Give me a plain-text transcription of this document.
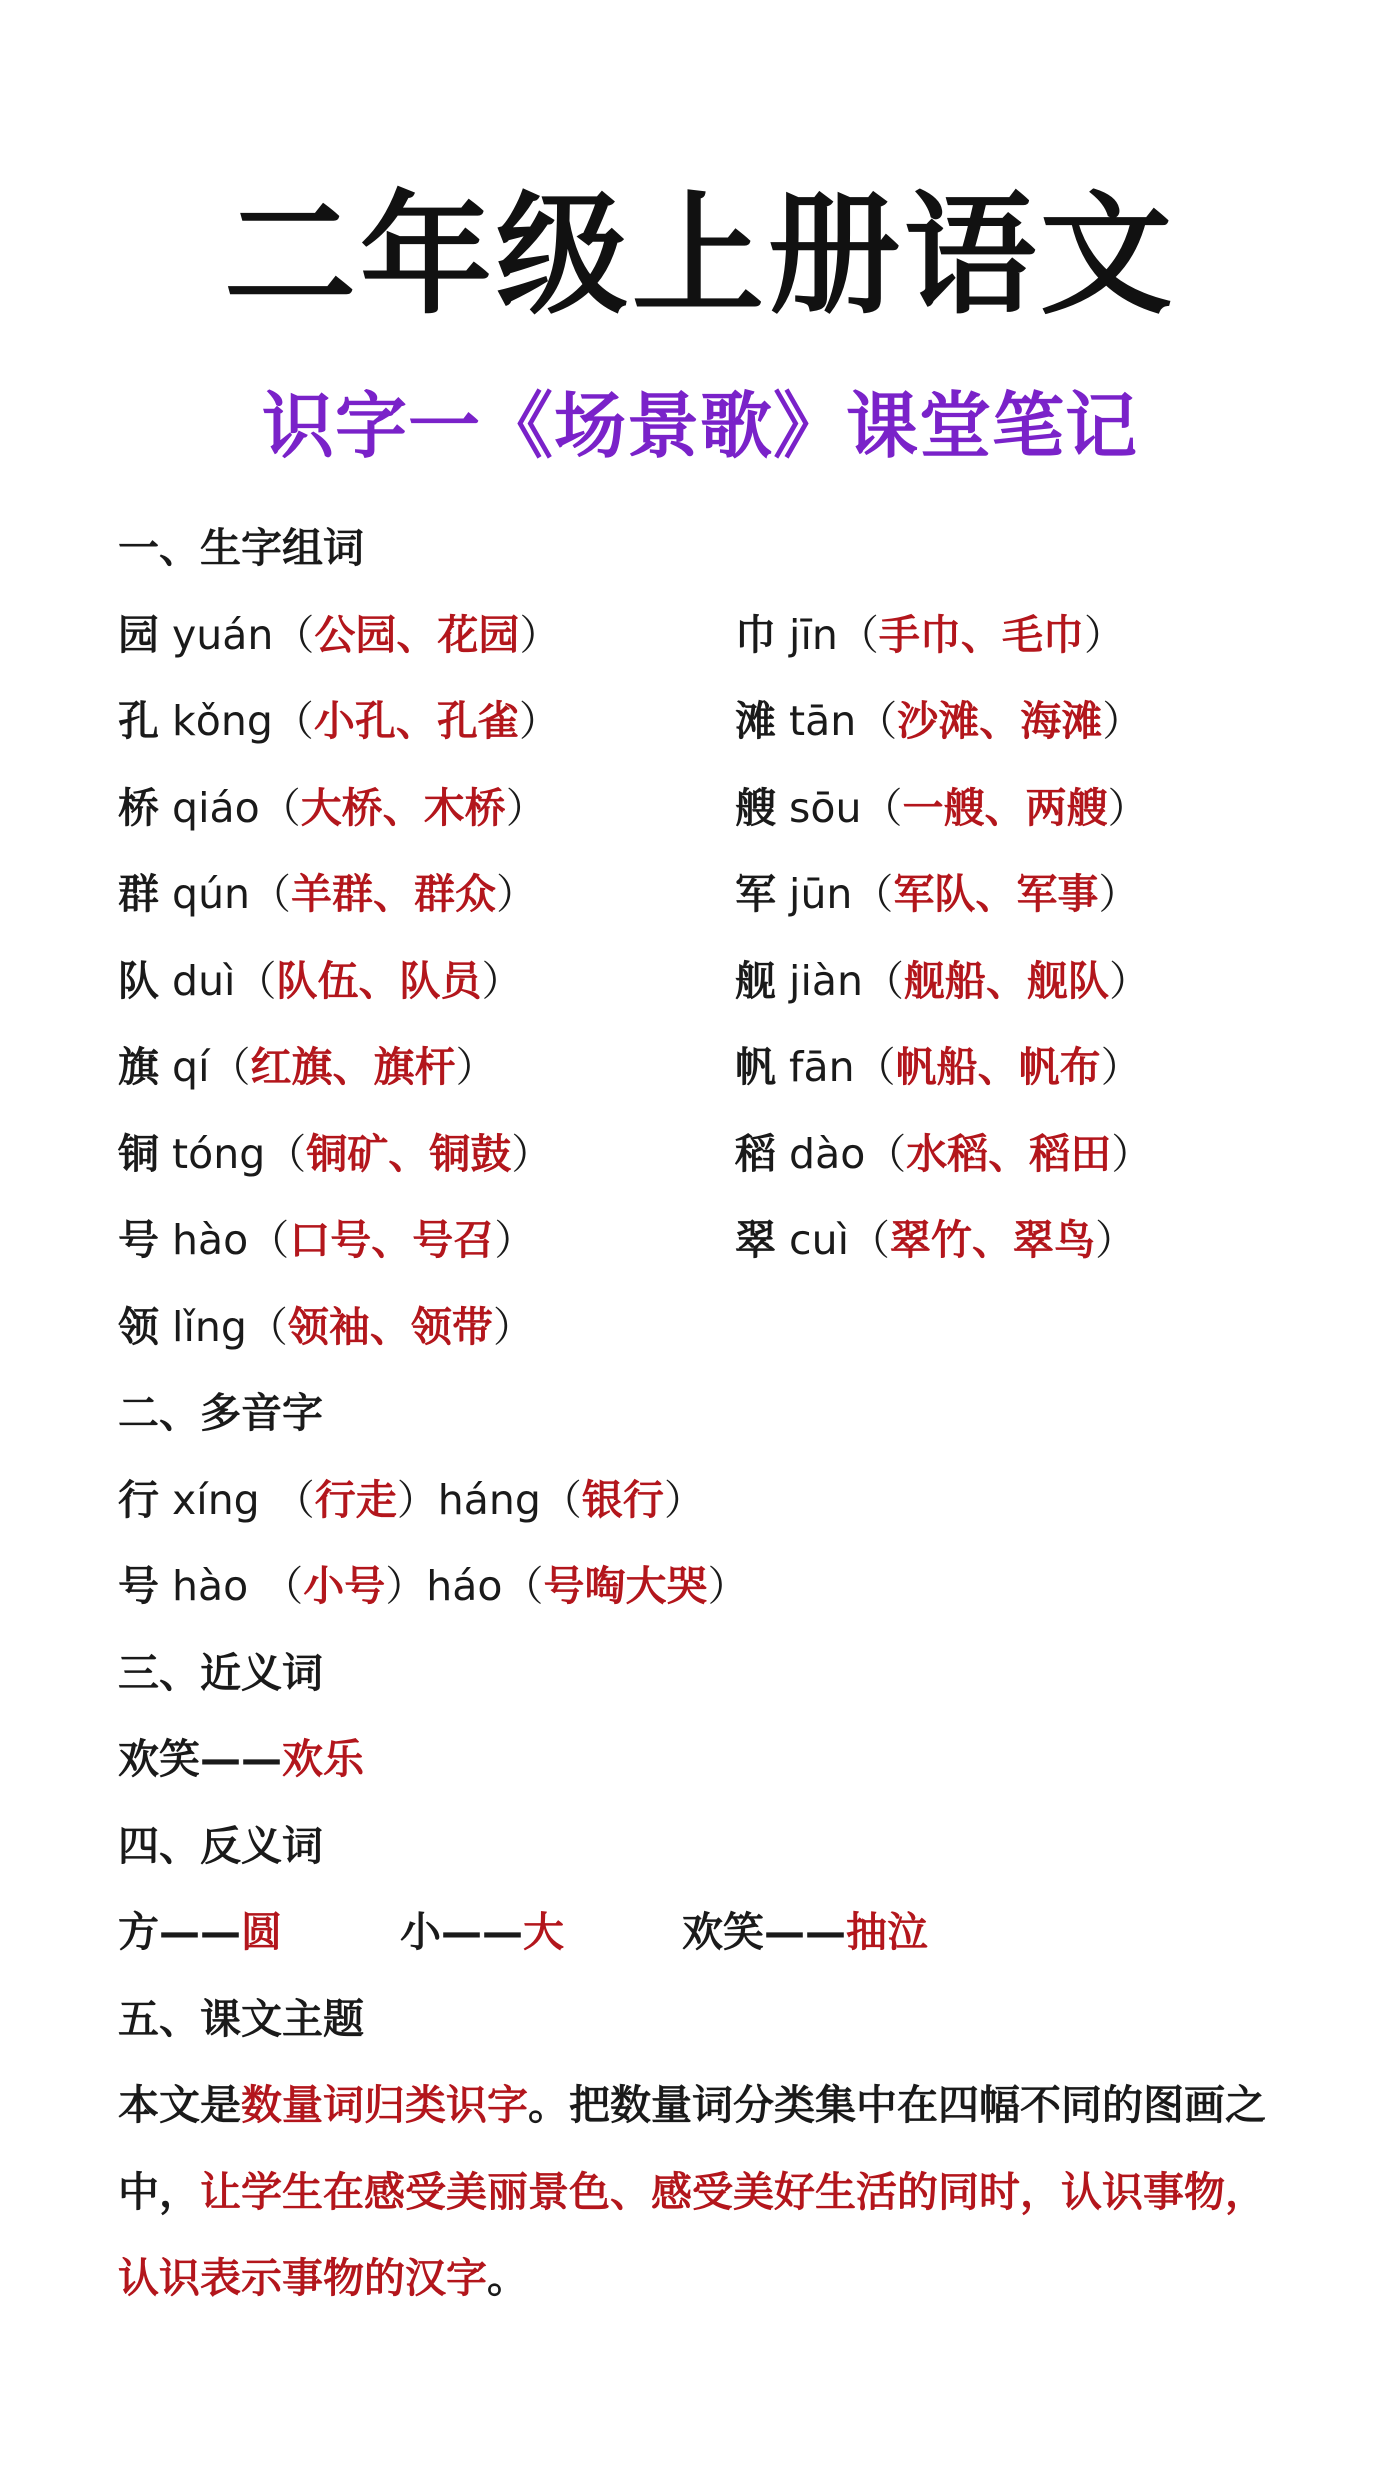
二年级上册语文
识字一《场景歌》课堂笔记
一、生字组词
园 yuán（公园、花园）	巾 jīn（手巾、毛巾）
孔 kǒng（小孔、孔雀）	滩 tān（沙滩、海滩）
桥 qiáo（大桥、木桥）	艘 sōu（一艘、两艘）
群 qún（羊群、群众）	军 jūn（军队、军事）
队 duì（队伍、队员）	舰 jiàn（舰船、舰队）
旗 qí（红旗、旗杆）	帆 fān（帆船、帆布）
铜 tóng（铜矿、铜鼓）	稻 dào（水稻、稻田）
号 hào（口号、号召）	翠 cuì（翠竹、翠鸟）
领 lǐng（领袖、领带）
二、多音字
行 xíng （行走）háng（银行）
号 hào （小号）háo（号啕大哭）
三、近义词
欢笑——欢乐
四、反义词
方——圆	小——大	欢笑——抽泣
五、课文主题
本文是数量词归类识字。把数量词分类集中在四幅不同的图画之中，让学生在感受美丽景色、感受美好生活的同时，认识事物，认识表示事物的汉字。
